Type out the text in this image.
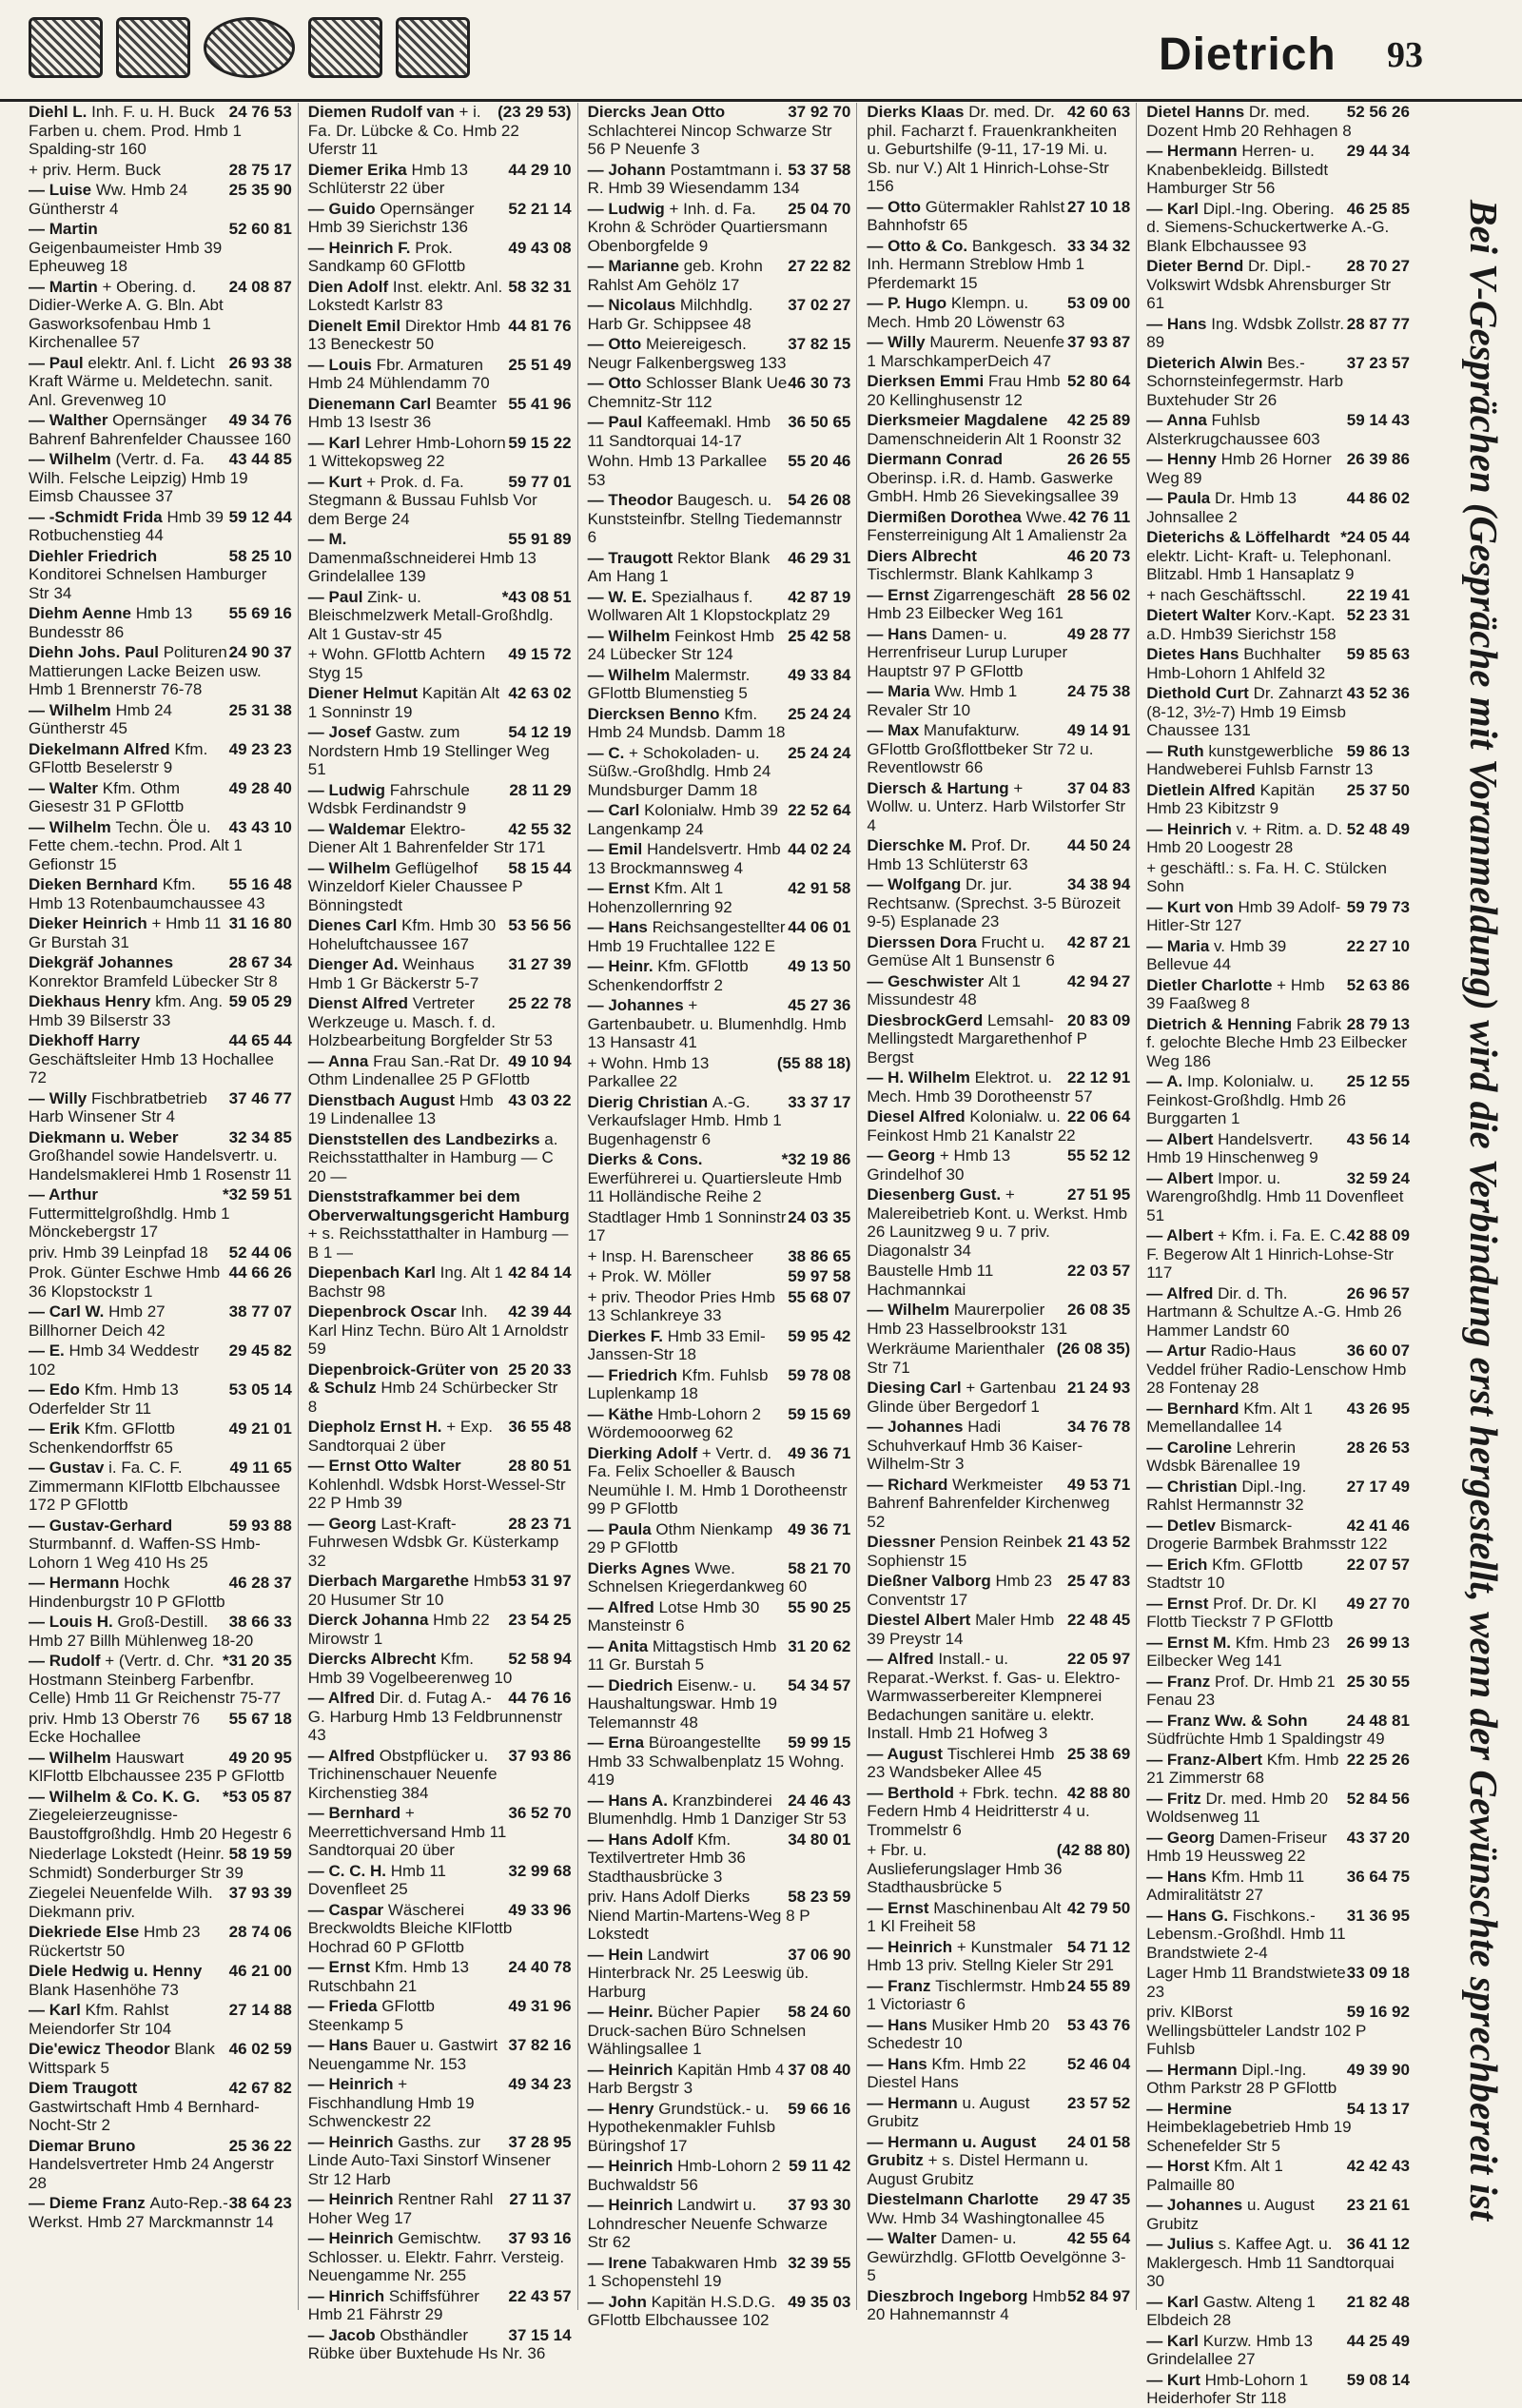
Dietrich 93
24 76 53
Diehl L. Inh. F. u. H. Buck Farben u. chem. Prod. Hmb 1 Spalding-str 160
28 75 17
+ priv. Herm. Buck
25 35 90
— Luise Ww. Hmb 24 Güntherstr 4
52 60 81
— Martin Geigenbaumeister Hmb 39 Epheuweg 18
24 08 87
— Martin + Obering. d. Didier-Werke A. G. Bln. Abt Gasworksofenbau Hmb 1 Kirchenallee 57
26 93 38
— Paul elektr. Anl. f. Licht Kraft Wärme u. Meldetechn. sanit. Anl. Grevenweg 10
49 34 76
— Walther Opernsänger Bahrenf Bahrenfelder Chaussee 160
43 44 85
— Wilhelm (Vertr. d. Fa. Wilh. Felsche Leipzig) Hmb 19 Eimsb Chaussee 37
59 12 44
— -Schmidt Frida Hmb 39 Rotbuchenstieg 44
58 25 10
Diehler Friedrich Konditorei Schnelsen Hamburger Str 34
55 69 16
Diehm Aenne Hmb 13 Bundesstr 86
24 90 37
Diehn Johs. Paul Polituren Mattierungen Lacke Beizen usw. Hmb 1 Brennerstr 76-78
25 31 38
— Wilhelm Hmb 24 Güntherstr 45
49 23 23
Diekelmann Alfred Kfm. GFlottb Beselerstr 9
49 28 40
— Walter Kfm. Othm Giesestr 31 P GFlottb
43 43 10
— Wilhelm Techn. Öle u. Fette chem.-techn. Prod. Alt 1 Gefionstr 15
55 16 48
Dieken Bernhard Kfm. Hmb 13 Rotenbaumchaussee 43
31 16 80
Dieker Heinrich + Hmb 11 Gr Burstah 31
28 67 34
Diekgräf Johannes Konrektor Bramfeld Lübecker Str 8
59 05 29
Diekhaus Henry kfm. Ang. Hmb 39 Bilserstr 33
44 65 44
Diekhoff Harry Geschäftsleiter Hmb 13 Hochallee 72
37 46 77
— Willy Fischbratbetrieb Harb Winsener Str 4
32 34 85
Diekmann u. Weber Großhandel sowie Handelsvertr. u. Handelsmaklerei Hmb 1 Rosenstr 11
*32 59 51
— Arthur Futtermittelgroßhdlg. Hmb 1 Mönckebergstr 17
52 44 06
priv. Hmb 39 Leinpfad 18
44 66 26
Prok. Günter Eschwe Hmb 36 Klopstockstr 1
38 77 07
— Carl W. Hmb 27 Billhorner Deich 42
29 45 82
— E. Hmb 34 Weddestr 102
53 05 14
— Edo Kfm. Hmb 13 Oderfelder Str 11
49 21 01
— Erik Kfm. GFlottb Schenkendorffstr 65
49 11 65
— Gustav i. Fa. C. F. Zimmermann KlFlottb Elbchaussee 172 P GFlottb
59 93 88
— Gustav-Gerhard Sturmbannf. d. Waffen-SS Hmb-Lohorn 1 Weg 410 Hs 25
46 28 37
— Hermann Hochk Hindenburgstr 10 P GFlottb
38 66 33
— Louis H. Groß-Destill. Hmb 27 Billh Mühlenweg 18-20
*31 20 35
— Rudolf + (Vertr. d. Chr. Hostmann Steinberg Farbenfbr. Celle) Hmb 11 Gr Reichenstr 75-77
55 67 18
priv. Hmb 13 Oberstr 76 Ecke Hochallee
49 20 95
— Wilhelm Hauswart KlFlottb Elbchaussee 235 P GFlottb
*53 05 87
— Wilhelm & Co. K. G. Ziegeleierzeugnisse-Baustoffgroßhdlg. Hmb 20 Hegestr 6
58 19 59
Niederlage Lokstedt (Heinr. Schmidt) Sonderburger Str 39
37 93 39
Ziegelei Neuenfelde Wilh. Diekmann priv.
28 74 06
Diekriede Else Hmb 23 Rückertstr 50
46 21 00
Diele Hedwig u. Henny Blank Hasenhöhe 73
27 14 88
— Karl Kfm. Rahlst Meiendorfer Str 104
46 02 59
Die'ewicz Theodor Blank Wittspark 5
42 67 82
Diem Traugott Gastwirtschaft Hmb 4 Bernhard-Nocht-Str 2
25 36 22
Diemar Bruno Handelsvertreter Hmb 24 Angerstr 28
38 64 23
— Dieme Franz Auto-Rep.-Werkst. Hmb 27 Marckmannstr 14
(23 29 53)
Diemen Rudolf van + i. Fa. Dr. Lübcke & Co. Hmb 22 Uferstr 11
44 29 10
Diemer Erika Hmb 13 Schlüterstr 22 über
52 21 14
— Guido Opernsänger Hmb 39 Sierichstr 136
49 43 08
— Heinrich F. Prok. Sandkamp 60 GFlottb
58 32 31
Dien Adolf Inst. elektr. Anl. Lokstedt Karlstr 83
44 81 76
Dienelt Emil Direktor Hmb 13 Beneckestr 50
25 51 49
— Louis Fbr. Armaturen Hmb 24 Mühlendamm 70
55 41 96
Dienemann Carl Beamter Hmb 13 Isestr 36
59 15 22
— Karl Lehrer Hmb-Lohorn 1 Wittekopsweg 22
59 77 01
— Kurt + Prok. d. Fa. Stegmann & Bussau Fuhlsb Vor dem Berge 24
55 91 89
— M. Damenmaßschneiderei Hmb 13 Grindelallee 139
*43 08 51
— Paul Zink- u. Bleischmelzwerk Metall-Großhdlg. Alt 1 Gustav-str 45
49 15 72
+ Wohn. GFlottb Achtern Styg 15
42 63 02
Diener Helmut Kapitän Alt 1 Sonninstr 19
54 12 19
— Josef Gastw. zum Nordstern Hmb 19 Stellinger Weg 51
28 11 29
— Ludwig Fahrschule Wdsbk Ferdinandstr 9
42 55 32
— Waldemar Elektro-Diener Alt 1 Bahrenfelder Str 171
58 15 44
— Wilhelm Geflügelhof Winzeldorf Kieler Chaussee P Bönningstedt
53 56 56
Dienes Carl Kfm. Hmb 30 Hoheluftchaussee 167
31 27 39
Dienger Ad. Weinhaus Hmb 1 Gr Bäckerstr 5-7
25 22 78
Dienst Alfred Vertreter Werkzeuge u. Masch. f. d. Holzbearbeitung Borgfelder Str 53
49 10 94
— Anna Frau San.-Rat Dr. Othm Lindenallee 25 P GFlottb
43 03 22
Dienstbach August Hmb 19 Lindenallee 13
Dienststellen des Landbezirks a. Reichsstatthalter in Hamburg — C 20 —
Dienststrafkammer bei dem Oberverwaltungsgericht Hamburg + s. Reichsstatthalter in Hamburg — B 1 —
42 84 14
Diepenbach Karl Ing. Alt 1 Bachstr 98
42 39 44
Diepenbrock Oscar Inh. Karl Hinz Techn. Büro Alt 1 Arnoldstr 59
25 20 33
Diepenbroick-Grüter von & Schulz Hmb 24 Schürbecker Str 8
36 55 48
Diepholz Ernst H. + Exp. Sandtorquai 2 über
28 80 51
— Ernst Otto Walter Kohlenhdl. Wdsbk Horst-Wessel-Str 22 P Hmb 39
28 23 71
— Georg Last-Kraft-Fuhrwesen Wdsbk Gr. Küsterkamp 32
53 31 97
Dierbach Margarethe Hmb 20 Husumer Str 10
23 54 25
Dierck Johanna Hmb 22 Mirowstr 1
52 58 94
Diercks Albrecht Kfm. Hmb 39 Vogelbeerenweg 10
44 76 16
— Alfred Dir. d. Futag A.-G. Harburg Hmb 13 Feldbrunnenstr 43
37 93 86
— Alfred Obstpflücker u. Trichinenschauer Neuenfe Kirchenstieg 384
36 52 70
— Bernhard + Meerrettichversand Hmb 11 Sandtorquai 20 über
32 99 68
— C. C. H. Hmb 11 Dovenfleet 25
49 33 96
— Caspar Wäscherei Breckwoldts Bleiche KlFlottb Hochrad 60 P GFlottb
24 40 78
— Ernst Kfm. Hmb 13 Rutschbahn 21
49 31 96
— Frieda GFlottb Steenkamp 5
37 82 16
— Hans Bauer u. Gastwirt Neuengamme Nr. 153
49 34 23
— Heinrich + Fischhandlung Hmb 19 Schwenckestr 22
37 28 95
— Heinrich Gasths. zur Linde Auto-Taxi Sinstorf Winsener Str 12 Harb
27 11 37
— Heinrich Rentner Rahl Hoher Weg 17
37 93 16
— Heinrich Gemischtw. Schlosser. u. Elektr. Fahrr. Versteig. Neuengamme Nr. 255
22 43 57
— Hinrich Schiffsführer Hmb 21 Fährstr 29
37 15 14
— Jacob Obsthändler Rübke über Buxtehude Hs Nr. 36
37 92 70
Diercks Jean Otto Schlachterei Nincop Schwarze Str 56 P Neuenfe 3
53 37 58
— Johann Postamtmann i. R. Hmb 39 Wiesendamm 134
25 04 70
— Ludwig + Inh. d. Fa. Krohn & Schröder Quartiersmann Obenborgfelde 9
27 22 82
— Marianne geb. Krohn Rahlst Am Gehölz 17
37 02 27
— Nicolaus Milchhdlg. Harb Gr. Schippsee 48
37 82 15
— Otto Meiereigesch. Neugr Falkenbergsweg 133
46 30 73
— Otto Schlosser Blank Ue Chemnitz-Str 112
36 50 65
— Paul Kaffeemakl. Hmb 11 Sandtorquai 14-17
55 20 46
Wohn. Hmb 13 Parkallee 53
54 26 08
— Theodor Baugesch. u. Kunststeinfbr. Stellng Tiedemannstr 6
46 29 31
— Traugott Rektor Blank Am Hang 1
42 87 19
— W. E. Spezialhaus f. Wollwaren Alt 1 Klopstockplatz 29
25 42 58
— Wilhelm Feinkost Hmb 24 Lübecker Str 124
49 33 84
— Wilhelm Malermstr. GFlottb Blumenstieg 5
25 24 24
Diercksen Benno Kfm. Hmb 24 Mundsb. Damm 18
25 24 24
— C. + Schokoladen- u. Süßw.-Großhdlg. Hmb 24 Mundsburger Damm 18
22 52 64
— Carl Kolonialw. Hmb 39 Langenkamp 24
44 02 24
— Emil Handelsvertr. Hmb 13 Brockmannsweg 4
42 91 58
— Ernst Kfm. Alt 1 Hohenzollernring 92
44 06 01
— Hans Reichsangestellter Hmb 19 Fruchtallee 122 E
49 13 50
— Heinr. Kfm. GFlottb Schenkendorffstr 2
45 27 36
— Johannes + Gartenbaubetr. u. Blumenhdlg. Hmb 13 Hansastr 41
(55 88 18)
+ Wohn. Hmb 13 Parkallee 22
33 37 17
Dierig Christian A.-G. Verkaufslager Hmb. Hmb 1 Bugenhagenstr 6
*32 19 86
Dierks & Cons. Ewerführerei u. Quartiersleute Hmb 11 Holländische Reihe 2
24 03 35
Stadtlager Hmb 1 Sonninstr 17
38 86 65
+ Insp. H. Barenscheer
59 97 58
+ Prok. W. Möller
55 68 07
+ priv. Theodor Pries Hmb 13 Schlankreye 33
59 95 42
Dierkes F. Hmb 33 Emil-Janssen-Str 18
59 78 08
— Friedrich Kfm. Fuhlsb Luplenkamp 18
59 15 69
— Käthe Hmb-Lohorn 2 Wördemooorweg 62
49 36 71
Dierking Adolf + Vertr. d. Fa. Felix Schoeller & Bausch Neumühle I. M. Hmb 1 Dorotheenstr 99 P GFlottb
49 36 71
— Paula Othm Nienkamp 29 P GFlottb
58 21 70
Dierks Agnes Wwe. Schnelsen Kriegerdankweg 60
55 90 25
— Alfred Lotse Hmb 30 Mansteinstr 6
31 20 62
— Anita Mittagstisch Hmb 11 Gr. Burstah 5
54 34 57
— Diedrich Eisenw.- u. Haushaltungswar. Hmb 19 Telemannstr 48
59 99 15
— Erna Büroangestellte Hmb 33 Schwalbenplatz 15 Wohng. 419
24 46 43
— Hans A. Kranzbinderei Blumenhdlg. Hmb 1 Danziger Str 53
34 80 01
— Hans Adolf Kfm. Textilvertreter Hmb 36 Stadthausbrücke 3
58 23 59
priv. Hans Adolf Dierks Niend Martin-Martens-Weg 8 P Lokstedt
37 06 90
— Hein Landwirt Hinterbrack Nr. 25 Leeswig üb. Harburg
58 24 60
— Heinr. Bücher Papier Druck-sachen Büro Schnelsen Wählingsallee 1
37 08 40
— Heinrich Kapitän Hmb 4 Harb Bergstr 3
59 66 16
— Henry Grundstück.- u. Hypothekenmakler Fuhlsb Büringshof 17
59 11 42
— Heinrich Hmb-Lohorn 2 Buchwaldstr 56
37 93 30
— Heinrich Landwirt u. Lohndrescher Neuenfe Schwarze Str 62
32 39 55
— Irene Tabakwaren Hmb 1 Schopenstehl 19
49 35 03
— John Kapitän H.S.D.G. GFlottb Elbchaussee 102
42 60 63
Dierks Klaas Dr. med. Dr. phil. Facharzt f. Frauenkrankheiten u. Geburtshilfe (9-11, 17-19 Mi. u. Sb. nur V.) Alt 1 Hinrich-Lohse-Str 156
27 10 18
— Otto Gütermakler Rahlst Bahnhofstr 65
33 34 32
— Otto & Co. Bankgesch. Inh. Hermann Streblow Hmb 1 Pferdemarkt 15
53 09 00
— P. Hugo Klempn. u. Mech. Hmb 20 Löwenstr 63
37 93 87
— Willy Maurerm. Neuenfe 1 MarschkamperDeich 47
52 80 64
Dierksen Emmi Frau Hmb 20 Kellinghusenstr 12
42 25 89
Dierksmeier Magdalene Damenschneiderin Alt 1 Roonstr 32
26 26 55
Diermann Conrad Oberinsp. i.R. d. Hamb. Gaswerke GmbH. Hmb 26 Sievekingsallee 39
42 76 11
Diermißen Dorothea Wwe. Fensterreinigung Alt 1 Amalienstr 2a
46 20 73
Diers Albrecht Tischlermstr. Blank Kahlkamp 3
28 56 02
— Ernst Zigarrengeschäft Hmb 23 Eilbecker Weg 161
49 28 77
— Hans Damen- u. Herrenfriseur Lurup Luruper Hauptstr 97 P GFlottb
24 75 38
— Maria Ww. Hmb 1 Revaler Str 10
49 14 91
— Max Manufakturw. GFlottb Großflottbeker Str 72 u. Reventlowstr 66
37 04 83
Diersch & Hartung + Wollw. u. Unterz. Harb Wilstorfer Str 4
44 50 24
Dierschke M. Prof. Dr. Hmb 13 Schlüterstr 63
34 38 94
— Wolfgang Dr. jur. Rechtsanw. (Sprechst. 3-5 Bürozeit 9-5) Esplanade 23
42 87 21
Dierssen Dora Frucht u. Gemüse Alt 1 Bunsenstr 6
42 94 27
— Geschwister Alt 1 Missundestr 48
20 83 09
DiesbrockGerd Lemsahl-Mellingstedt Margarethenhof P Bergst
22 12 91
— H. Wilhelm Elektrot. u. Mech. Hmb 39 Dorotheenstr 57
22 06 64
Diesel Alfred Kolonialw. u. Feinkost Hmb 21 Kanalstr 22
55 52 12
— Georg + Hmb 13 Grindelhof 30
27 51 95
Diesenberg Gust. + Malereibetrieb Kont. u. Werkst. Hmb 26 Launitzweg 9 u. 7 priv. Diagonalstr 34
22 03 57
Baustelle Hmb 11 Hachmannkai
26 08 35
— Wilhelm Maurerpolier Hmb 23 Hasselbrookstr 131
(26 08 35)
Werkräume Marienthaler Str 71
21 24 93
Diesing Carl + Gartenbau Glinde über Bergedorf 1
34 76 78
— Johannes Hadi Schuhverkauf Hmb 36 Kaiser-Wilhelm-Str 3
49 53 71
— Richard Werkmeister Bahrenf Bahrenfelder Kirchenweg 52
21 43 52
Diessner Pension Reinbek Sophienstr 15
25 47 83
Dießner Valborg Hmb 23 Conventstr 17
22 48 45
Diestel Albert Maler Hmb 39 Preystr 14
22 05 97
— Alfred Install.- u. Reparat.-Werkst. f. Gas- u. Elektro-Warmwasserbereiter Klempnerei Bedachungen sanitäre u. elektr. Install. Hmb 21 Hofweg 3
25 38 69
— August Tischlerei Hmb 23 Wandsbeker Allee 45
42 88 80
— Berthold + Fbrk. techn. Federn Hmb 4 Heidritterstr 4 u. Trommelstr 6
(42 88 80)
+ Fbr. u. Auslieferungslager Hmb 36 Stadthausbrücke 5
42 79 50
— Ernst Maschinenbau Alt 1 Kl Freiheit 58
54 71 12
— Heinrich + Kunstmaler Hmb 13 priv. Stellng Kieler Str 291
24 55 89
— Franz Tischlermstr. Hmb 1 Victoriastr 6
53 43 76
— Hans Musiker Hmb 20 Schedestr 10
52 46 04
— Hans Kfm. Hmb 22 Diestel Hans
23 57 52
— Hermann u. August Grubitz
24 01 58
— Hermann u. August Grubitz + s. Distel Hermann u. August Grubitz
29 47 35
Diestelmann Charlotte Ww. Hmb 34 Washingtonallee 45
42 55 64
— Walter Damen- u. Gewürzhdlg. GFlottb Oevelgönne 3-5
52 84 97
Dieszbroch Ingeborg Hmb 20 Hahnemannstr 4
52 56 26
Dietel Hanns Dr. med. Dozent Hmb 20 Rehhagen 8
29 44 34
— Hermann Herren- u. Knabenbekleidg. Billstedt Hamburger Str 56
46 25 85
— Karl Dipl.-Ing. Obering. d. Siemens-Schuckertwerke A.-G. Blank Elbchaussee 93
28 70 27
Dieter Bernd Dr. Dipl.-Volkswirt Wdsbk Ahrensburger Str 61
28 87 77
— Hans Ing. Wdsbk Zollstr. 89
37 23 57
Dieterich Alwin Bes.-Schornsteinfegermstr. Harb Buxtehuder Str 26
59 14 43
— Anna Fuhlsb Alsterkrugchaussee 603
26 39 86
— Henny Hmb 26 Horner Weg 89
44 86 02
— Paula Dr. Hmb 13 Johnsallee 2
*24 05 44
Dieterichs & Löffelhardt elektr. Licht- Kraft- u. Telephonanl. Blitzabl. Hmb 1 Hansaplatz 9
22 19 41
+ nach Geschäftsschl.
52 23 31
Dietert Walter Korv.-Kapt. a.D. Hmb39 Sierichstr 158
59 85 63
Dietes Hans Buchhalter Hmb-Lohorn 1 Ahlfeld 32
43 52 36
Diethold Curt Dr. Zahnarzt (8-12, 3½-7) Hmb 19 Eimsb Chaussee 131
59 86 13
— Ruth kunstgewerbliche Handweberei Fuhlsb Farnstr 13
25 37 50
Dietlein Alfred Kapitän Hmb 23 Kibitzstr 9
52 48 49
— Heinrich v. + Ritm. a. D. Hmb 20 Loogestr 28
+ geschäftl.: s. Fa. H. C. Stülcken Sohn
59 79 73
— Kurt von Hmb 39 Adolf-Hitler-Str 127
22 27 10
— Maria v. Hmb 39 Bellevue 44
52 63 86
Dietler Charlotte + Hmb 39 Faaßweg 8
28 79 13
Dietrich & Henning Fabrik f. gelochte Bleche Hmb 23 Eilbecker Weg 186
25 12 55
— A. Imp. Kolonialw. u. Feinkost-Großhdlg. Hmb 26 Burggarten 1
43 56 14
— Albert Handelsvertr. Hmb 19 Hinschenweg 9
32 59 24
— Albert Impor. u. Warengroßhdlg. Hmb 11 Dovenfleet 51
42 88 09
— Albert + Kfm. i. Fa. E. C. F. Begerow Alt 1 Hinrich-Lohse-Str 117
26 96 57
— Alfred Dir. d. Th. Hartmann & Schultze A.-G. Hmb 26 Hammer Landstr 60
36 60 07
— Artur Radio-Haus Veddel früher Radio-Lenschow Hmb 28 Fontenay 28
43 26 95
— Bernhard Kfm. Alt 1 Memellandallee 14
28 26 53
— Caroline Lehrerin Wdsbk Bärenallee 19
27 17 49
— Christian Dipl.-Ing. Rahlst Hermannstr 32
42 41 46
— Detlev Bismarck-Drogerie Barmbek Brahmsstr 122
22 07 57
— Erich Kfm. GFlottb Stadtstr 10
49 27 70
— Ernst Prof. Dr. Dr. Kl Flottb Tieckstr 7 P GFlottb
26 99 13
— Ernst M. Kfm. Hmb 23 Eilbecker Weg 141
25 30 55
— Franz Prof. Dr. Hmb 21 Fenau 23
24 48 81
— Franz Ww. & Sohn Südfrüchte Hmb 1 Spaldingstr 49
22 25 26
— Franz-Albert Kfm. Hmb 21 Zimmerstr 68
52 84 56
— Fritz Dr. med. Hmb 20 Woldsenweg 11
43 37 20
— Georg Damen-Friseur Hmb 19 Heussweg 22
36 64 75
— Hans Kfm. Hmb 11 Admiralitätstr 27
31 36 95
— Hans G. Fischkons.- Lebensm.-Großhdl. Hmb 11 Brandstwiete 2-4
33 09 18
Lager Hmb 11 Brandstwiete 23
59 16 92
priv. KlBorst Wellingsbütteler Landstr 102 P Fuhlsb
49 39 90
— Hermann Dipl.-Ing. Othm Parkstr 28 P GFlottb
54 13 17
— Hermine Heimbeklagebetrieb Hmb 19 Schenefelder Str 5
42 42 43
— Horst Kfm. Alt 1 Palmaille 80
23 21 61
— Johannes u. August Grubitz
36 41 12
— Julius s. Kaffee Agt. u. Maklergesch. Hmb 11 Sandtorquai 30
21 82 48
— Karl Gastw. Alteng 1 Elbdeich 28
44 25 49
— Karl Kurzw. Hmb 13 Grindelallee 27
59 08 14
— Kurt Hmb-Lohorn 1 Heiderhofer Str 118
Bei V-Gesprächen (Gespräche mit Voranmeldung) wird die Verbindung erst hergestellt, wenn der Gewünschte sprechbereit ist
